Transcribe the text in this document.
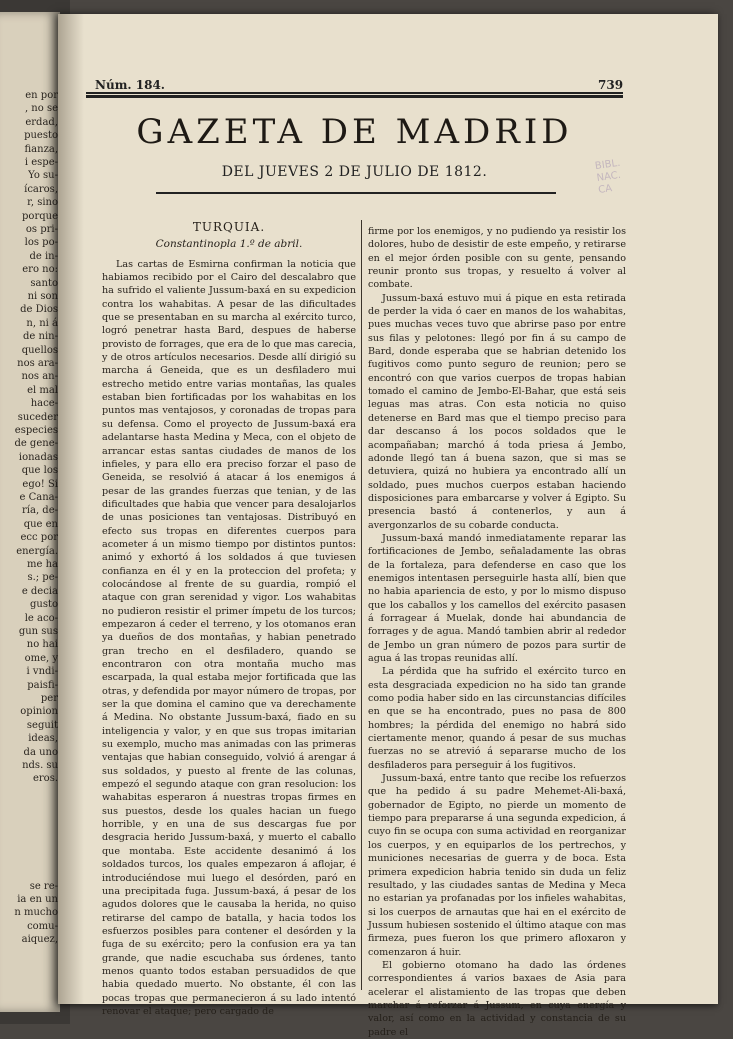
en por
, no se
erdad,
puesto
fianza,
i espe-
Yo su-
ícaros,
r, sino
porque
os pri-
los po-
de in-
ero no:
santo
ni son
de Dios
n, ni á
de nin-
quellos
nos ara-
nos an-
el mal
hace-
suceder
especies
de gene-
ionadas
que los
ego! Si
e Cana-
ría, de-
que en
ecc por
energía.
me ha
s.; pe-
e decia
gusto
le aco-
gun sus
no hai
ome, y
i vndi-
paisfi-
per
opinion
seguit
ideas,
da uno
nds. su
eros.
se re-
ia en un
n mucho
comu-
aiquez,
Núm. 184.	739
GAZETA DE MADRID
DEL JUEVES 2 DE JULIO DE 1812.	BIBL.
NAC.
CA
TURQUIA.
Constantinopla 1.º de abril.

Las cartas de Esmirna confirman la noticia que habiamos recibido por el Cairo del descalabro que ha sufrido el valiente Jussum-baxá en su expedicion contra los wahabitas. A pesar de las dificultades que se presentaban en su marcha al exército turco, logró penetrar hasta Bard, despues de haberse provisto de forrages, que era de lo que mas carecia, y de otros artículos necesarios. Desde allí dirigió su marcha á Geneida, que es un desfiladero mui estrecho metido entre varias montañas, las quales estaban bien fortificadas por los wahabitas en los puntos mas ventajosos, y coronadas de tropas para su defensa. Como el proyecto de Jussum-baxá era adelantarse hasta Medina y Meca, con el objeto de arrancar estas santas ciudades de manos de los infieles, y para ello era preciso forzar el paso de Geneida, se resolvió á atacar á los enemigos á pesar de las grandes fuerzas que tenian, y de las dificultades que habia que vencer para desalojarlos de unas posiciones tan ventajosas. Distribuyó en efecto sus tropas en diferentes cuerpos para acometer á un mismo tiempo por distintos puntos: animó y exhortó á los soldados á que tuviesen confianza en él y en la proteccion del profeta; y colocándose al frente de su guardia, rompió el ataque con gran serenidad y vigor. Los wahabitas no pudieron resistir el primer ímpetu de los turcos; empezaron á ceder el terreno, y los otomanos eran ya dueños de dos montañas, y habian penetrado gran trecho en el desfiladero, quando se encontraron con otra montaña mucho mas escarpada, la qual estaba mejor fortificada que las otras, y defendida por mayor número de tropas, por ser la que domina el camino que va derechamente á Medina. No obstante Jussum-baxá, fiado en su inteligencia y valor, y en que sus tropas imitarian su exemplo, mucho mas animadas con las primeras ventajas que habian conseguido, volvió á arengar á sus soldados, y puesto al frente de las colunas, empezó el segundo ataque con gran resolucion: los wahabitas esperaron á nuestras tropas firmes en sus puestos, desde los quales hacian un fuego horrible, y en una de sus descargas fue por desgracia herido Jussum-baxá, y muerto el caballo que montaba. Este accidente desanimó á los soldados turcos, los quales empezaron á aflojar, é introduciéndose mui luego el desórden, paró en una precipitada fuga. Jussum-baxá, á pesar de los agudos dolores que le causaba la herida, no quiso retirarse del campo de batalla, y hacia todos los esfuerzos posibles para contener el desórden y la fuga de su exército; pero la confusion era ya tan grande, que nadie escuchaba sus órdenes, tanto menos quanto todos estaban persuadidos de que habia quedado muerto. No obstante, él con las pocas tropas que permanecieron á su lado intentó renovar el ataque; pero cargado de

firme por los enemigos, y no pudiendo ya resistir los dolores, hubo de desistir de este empeño, y retirarse en el mejor órden posible con su gente, pensando reunir pronto sus tropas, y resuelto á volver al combate.

Jussum-baxá estuvo mui á pique en esta retirada de perder la vida ó caer en manos de los wahabitas, pues muchas veces tuvo que abrirse paso por entre sus filas y pelotones: llegó por fin á su campo de Bard, donde esperaba que se habrian detenido los fugitivos como punto seguro de reunion; pero se encontró con que varios cuerpos de tropas habian tomado el camino de Jembo-El-Bahar, que está seis leguas mas atras. Con esta noticia no quiso detenerse en Bard mas que el tiempo preciso para dar descanso á los pocos soldados que le acompañaban; marchó á toda priesa á Jembo, adonde llegó tan á buena sazon, que si mas se detuviera, quizá no hubiera ya encontrado allí un soldado, pues muchos cuerpos estaban haciendo disposiciones para embarcarse y volver á Egipto. Su presencia bastó á contenerlos, y aun á avergonzarlos de su cobarde conducta.

Jussum-baxá mandó inmediatamente reparar las fortificaciones de Jembo, señaladamente las obras de la fortaleza, para defenderse en caso que los enemigos intentasen perseguirle hasta allí, bien que no habia apariencia de esto, y por lo mismo dispuso que los caballos y los camellos del exército pasasen á forragear á Muelak, donde hai abundancia de forrages y de agua. Mandó tambien abrir al rededor de Jembo un gran número de pozos para surtir de agua á las tropas reunidas allí.

La pérdida que ha sufrido el exército turco en esta desgraciada expedicion no ha sido tan grande como podia haber sido en las circunstancias difíciles en que se ha encontrado, pues no pasa de 800 hombres; la pérdida del enemigo no habrá sido ciertamente menor, quando á pesar de sus muchas fuerzas no se atrevió á separarse mucho de los desfiladeros para perseguir á los fugitivos.

Jussum-baxá, entre tanto que recibe los refuerzos que ha pedido á su padre Mehemet-Ali-baxá, gobernador de Egipto, no pierde un momento de tiempo para prepararse á una segunda expedicion, á cuyo fin se ocupa con suma actividad en reorganizar los cuerpos, y en equiparlos de los pertrechos, y municiones necesarias de guerra y de boca. Esta primera expedicion habria tenido sin duda un feliz resultado, y las ciudades santas de Medina y Meca no estarian ya profanadas por los infieles wahabitas, si los cuerpos de arnautas que hai en el exército de Jussum hubiesen sostenido el último ataque con mas firmeza, pues fueron los que primero afloxaron y comenzaron á huir.

El gobierno otomano ha dado las órdenes correspondientes á varios baxaes de Asia para acelerar el alistamiento de las tropas que deben marchar á reforzar á Jussum, en cuya energía y valor, así como en la actividad y constancia de su padre el
